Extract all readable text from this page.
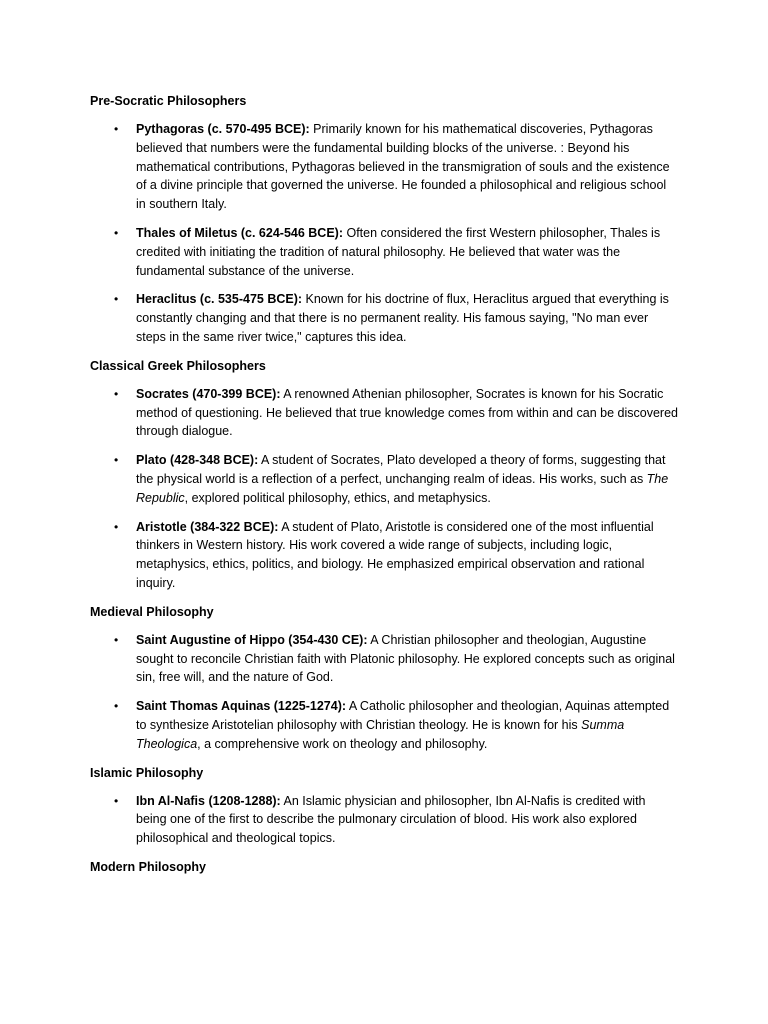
Pre-Socratic Philosophers
• Pythagoras (c. 570-495 BCE): Primarily known for his mathematical discoveries, Pythagoras believed that numbers were the fundamental building blocks of the universe. : Beyond his mathematical contributions, Pythagoras believed in the transmigration of souls and the existence of a divine principle that governed the universe. He founded a philosophical and religious school in southern Italy.
• Thales of Miletus (c. 624-546 BCE): Often considered the first Western philosopher, Thales is credited with initiating the tradition of natural philosophy. He believed that water was the fundamental substance of the universe.
• Heraclitus (c. 535-475 BCE): Known for his doctrine of flux, Heraclitus argued that everything is constantly changing and that there is no permanent reality. His famous saying, "No man ever steps in the same river twice," captures this idea.
Classical Greek Philosophers
• Socrates (470-399 BCE): A renowned Athenian philosopher, Socrates is known for his Socratic method of questioning. He believed that true knowledge comes from within and can be discovered through dialogue.
• Plato (428-348 BCE): A student of Socrates, Plato developed a theory of forms, suggesting that the physical world is a reflection of a perfect, unchanging realm of ideas. His works, such as The Republic, explored political philosophy, ethics, and metaphysics.
• Aristotle (384-322 BCE): A student of Plato, Aristotle is considered one of the most influential thinkers in Western history. His work covered a wide range of subjects, including logic, metaphysics, ethics, politics, and biology. He emphasized empirical observation and rational inquiry.
Medieval Philosophy
• Saint Augustine of Hippo (354-430 CE): A Christian philosopher and theologian, Augustine sought to reconcile Christian faith with Platonic philosophy. He explored concepts such as original sin, free will, and the nature of God.
• Saint Thomas Aquinas (1225-1274): A Catholic philosopher and theologian, Aquinas attempted to synthesize Aristotelian philosophy with Christian theology. He is known for his Summa Theologica, a comprehensive work on theology and philosophy.
Islamic Philosophy
• Ibn Al-Nafis (1208-1288): An Islamic physician and philosopher, Ibn Al-Nafis is credited with being one of the first to describe the pulmonary circulation of blood. His work also explored philosophical and theological topics.
Modern Philosophy
